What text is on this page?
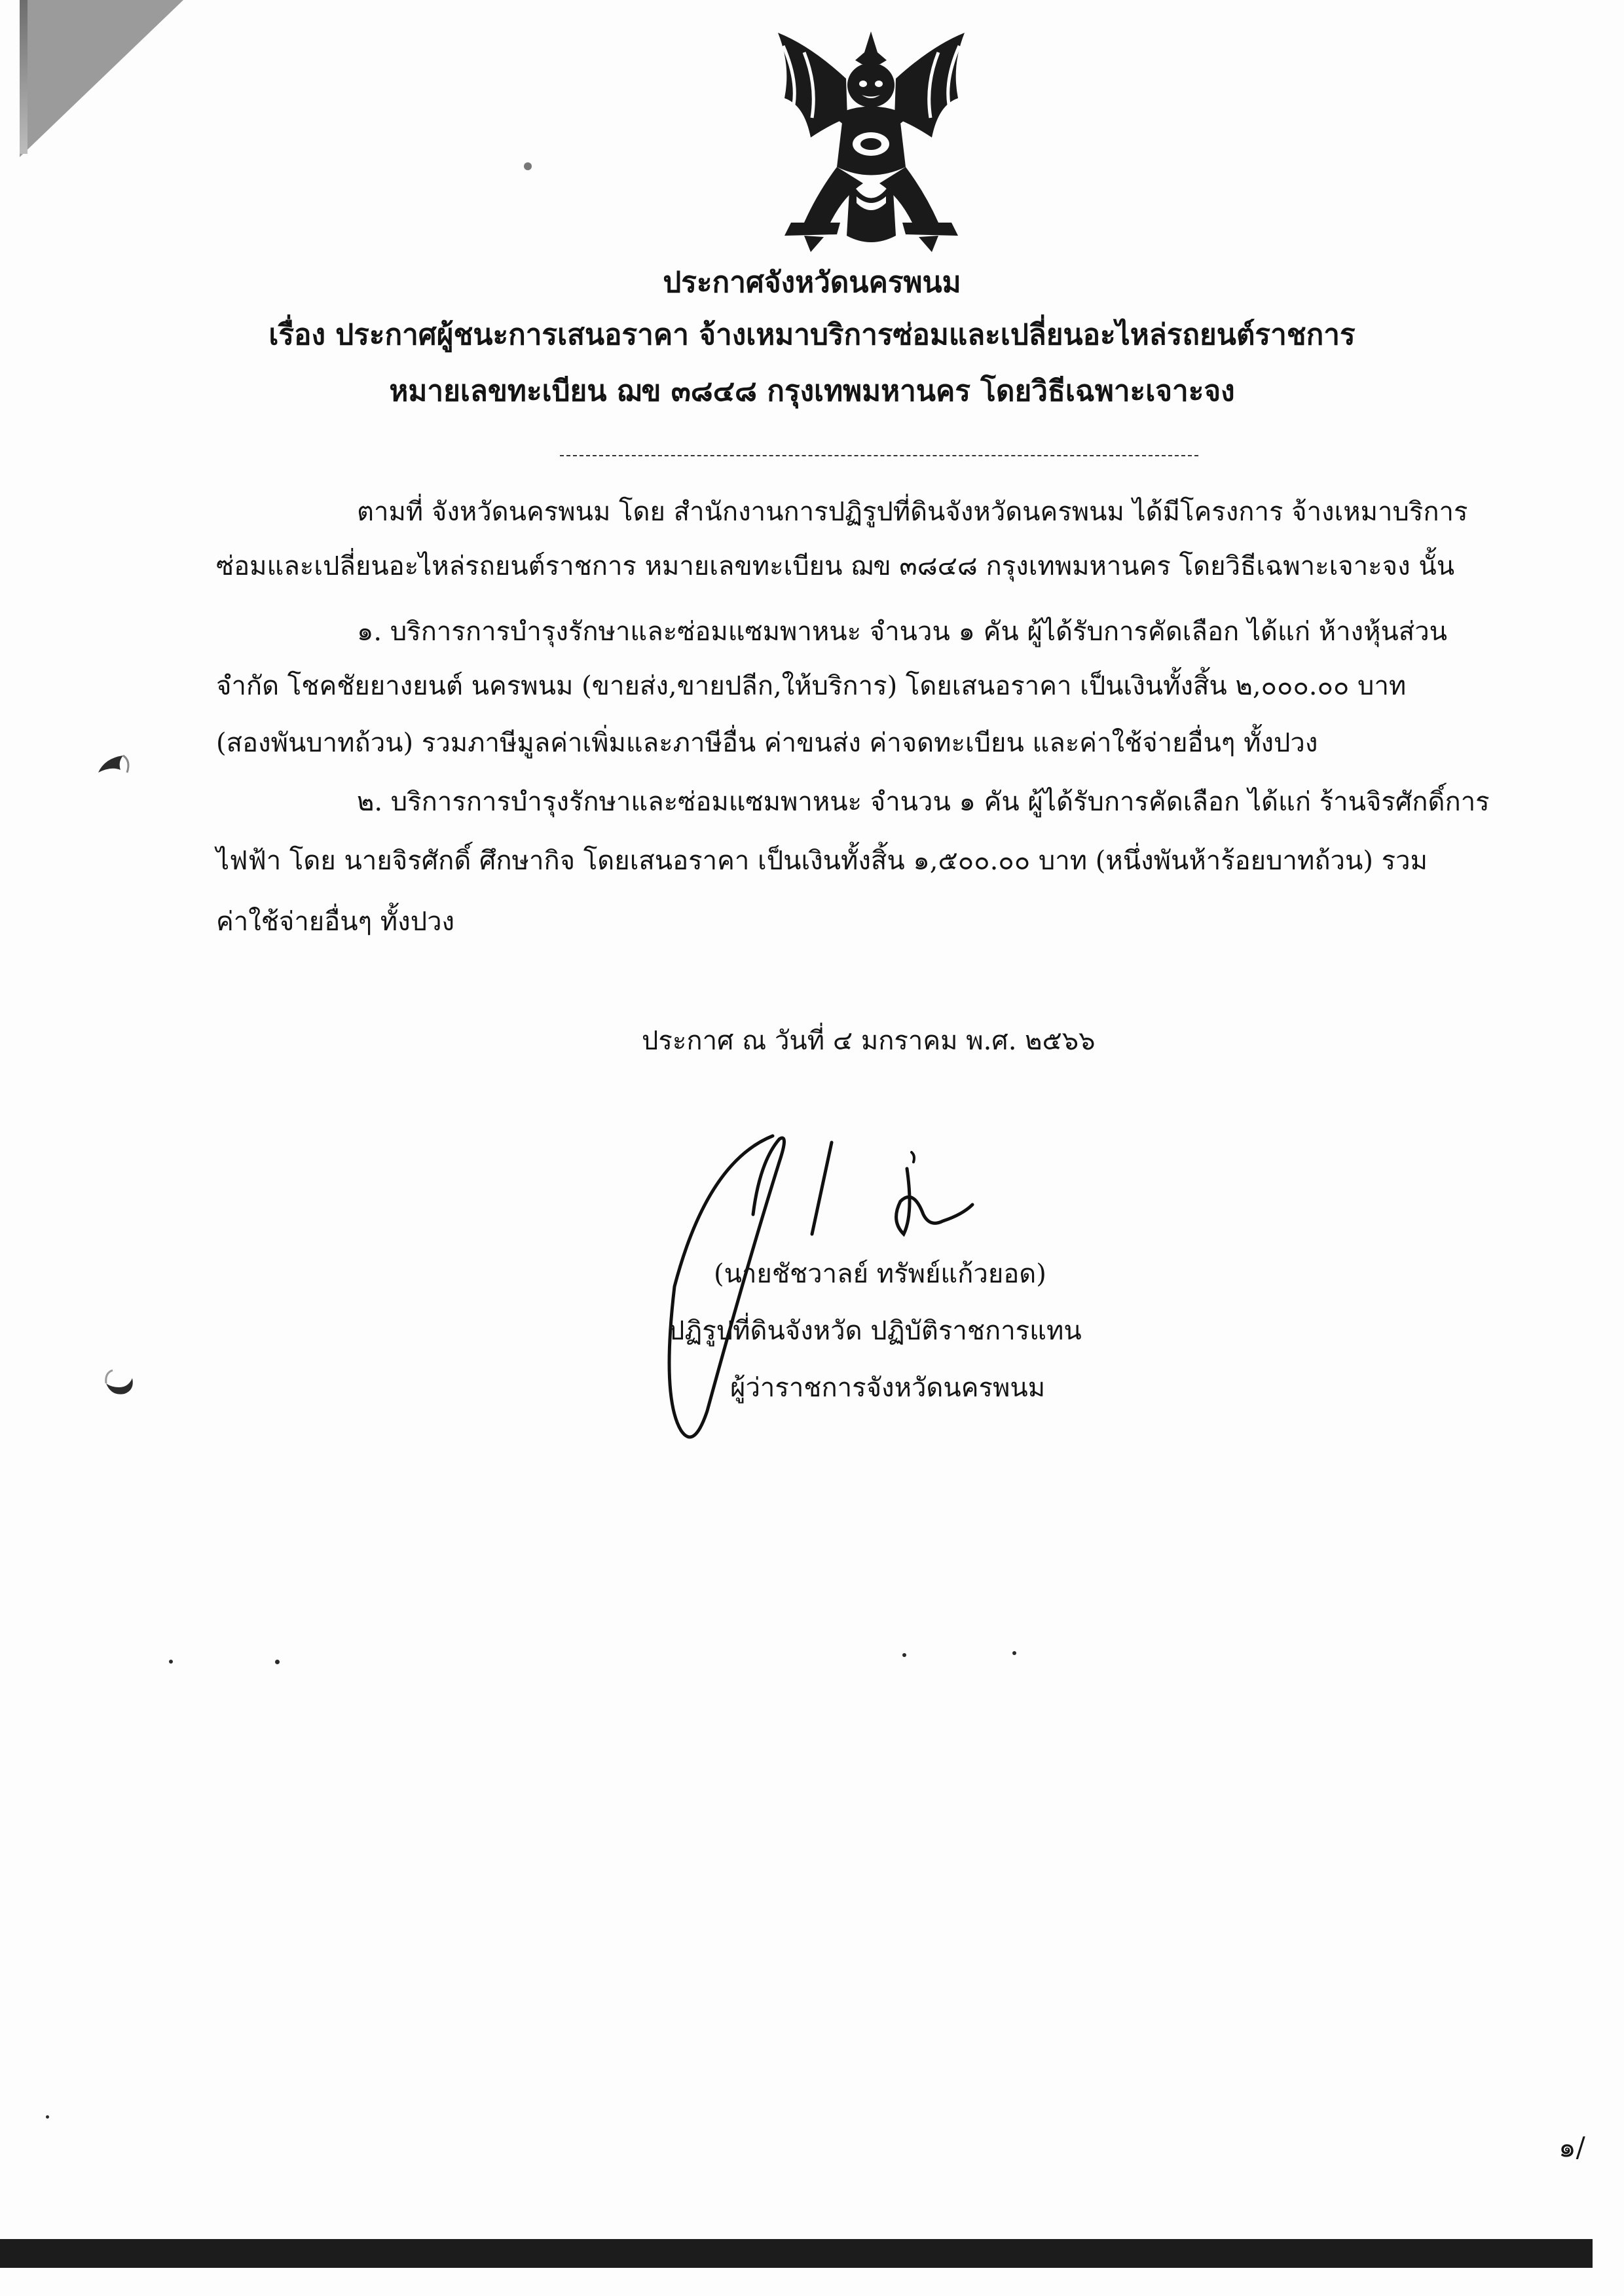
ประกาศจังหวัดนครพนม
เรื่อง ประกาศผู้ชนะการเสนอราคา จ้างเหมาบริการซ่อมและเปลี่ยนอะไหล่รถยนต์ราชการ
หมายเลขทะเบียน ฌข ๓๘๔๘ กรุงเทพมหานคร โดยวิธีเฉพาะเจาะจง
ตามที่ จังหวัดนครพนม โดย สำนักงานการปฏิรูปที่ดินจังหวัดนครพนม ได้มีโครงการ จ้างเหมาบริการ
ซ่อมและเปลี่ยนอะไหล่รถยนต์ราชการ หมายเลขทะเบียน ฌข ๓๘๔๘ กรุงเทพมหานคร โดยวิธีเฉพาะเจาะจง นั้น
๑. บริการการบำรุงรักษาและซ่อมแซมพาหนะ จำนวน ๑ คัน ผู้ได้รับการคัดเลือก ได้แก่ ห้างหุ้นส่วน
จำกัด โชคชัยยางยนต์ นครพนม (ขายส่ง,ขายปลีก,ให้บริการ) โดยเสนอราคา เป็นเงินทั้งสิ้น ๒,๐๐๐.๐๐ บาท
(สองพันบาทถ้วน) รวมภาษีมูลค่าเพิ่มและภาษีอื่น ค่าขนส่ง ค่าจดทะเบียน และค่าใช้จ่ายอื่นๆ ทั้งปวง
๒. บริการการบำรุงรักษาและซ่อมแซมพาหนะ จำนวน ๑ คัน ผู้ได้รับการคัดเลือก ได้แก่ ร้านจิรศักดิ์การ
ไฟฟ้า โดย นายจิรศักดิ์ ศึกษากิจ โดยเสนอราคา เป็นเงินทั้งสิ้น ๑,๕๐๐.๐๐ บาท (หนึ่งพันห้าร้อยบาทถ้วน) รวม
ค่าใช้จ่ายอื่นๆ ทั้งปวง
ประกาศ ณ วันที่ ๔ มกราคม พ.ศ. ๒๕๖๖
(นายชัชวาลย์ ทรัพย์แก้วยอด)
ปฏิรูปที่ดินจังหวัด ปฏิบัติราชการแทน
ผู้ว่าราชการจังหวัดนครพนม
๑/
